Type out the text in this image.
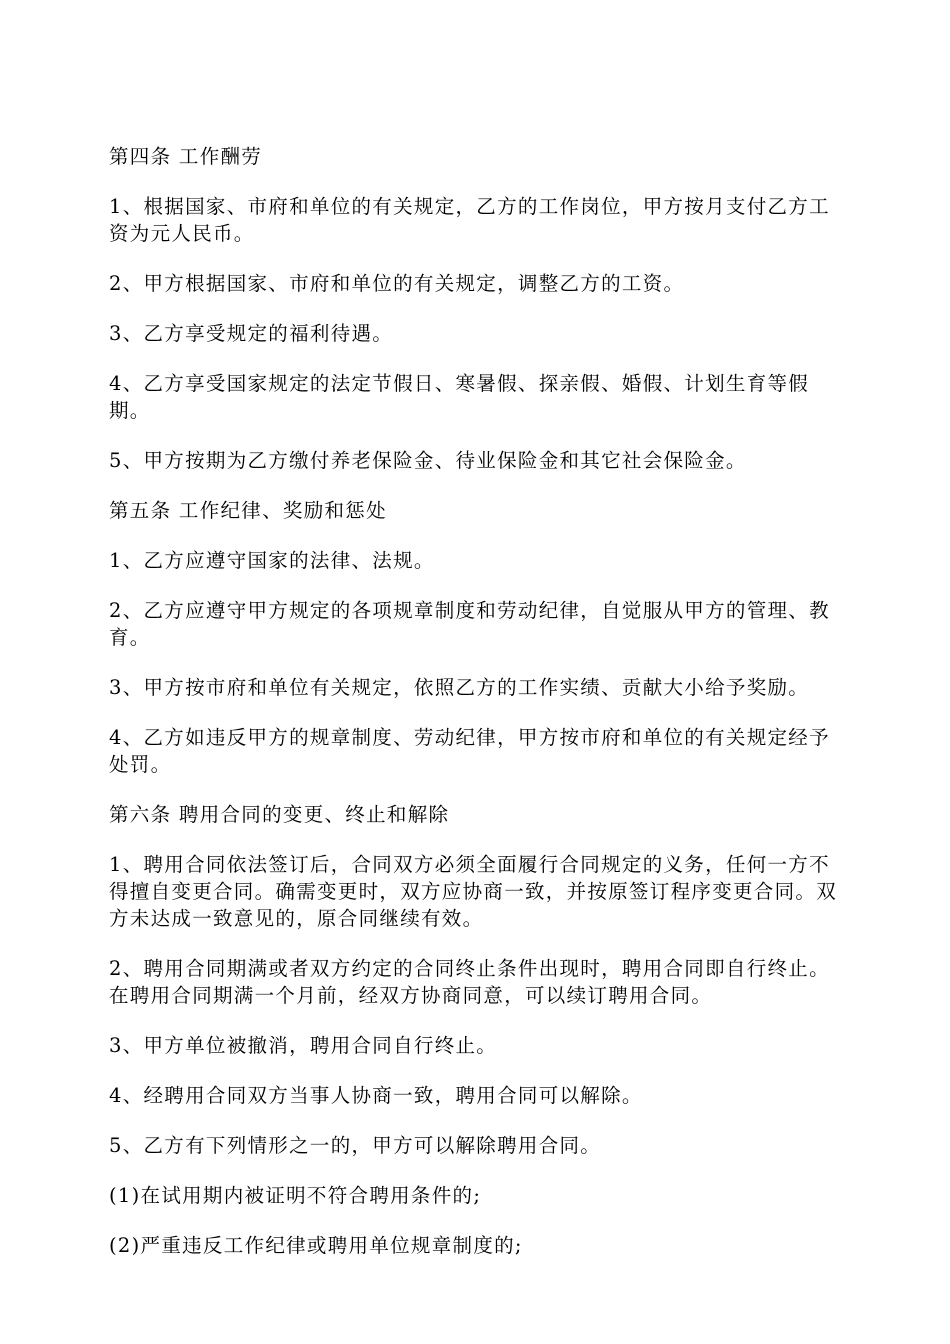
第四条 工作酬劳

1、根据国家、市府和单位的有关规定，乙方的工作岗位，甲方按月支付乙方工资为元人民币。

2、甲方根据国家、市府和单位的有关规定，调整乙方的工资。

3、乙方享受规定的福利待遇。

4、乙方享受国家规定的法定节假日、寒暑假、探亲假、婚假、计划生育等假期。

5、甲方按期为乙方缴付养老保险金、待业保险金和其它社会保险金。

第五条 工作纪律、奖励和惩处

1、乙方应遵守国家的法律、法规。

2、乙方应遵守甲方规定的各项规章制度和劳动纪律，自觉服从甲方的管理、教育。

3、甲方按市府和单位有关规定，依照乙方的工作实绩、贡献大小给予奖励。

4、乙方如违反甲方的规章制度、劳动纪律，甲方按市府和单位的有关规定经予处罚。

第六条 聘用合同的变更、终止和解除

1、聘用合同依法签订后，合同双方必须全面履行合同规定的义务，任何一方不得擅自变更合同。确需变更时，双方应协商一致，并按原签订程序变更合同。双方未达成一致意见的，原合同继续有效。

2、聘用合同期满或者双方约定的合同终止条件出现时，聘用合同即自行终止。在聘用合同期满一个月前，经双方协商同意，可以续订聘用合同。

3、甲方单位被撤消，聘用合同自行终止。

4、经聘用合同双方当事人协商一致，聘用合同可以解除。

5、乙方有下列情形之一的，甲方可以解除聘用合同。

(1)在试用期内被证明不符合聘用条件的;

(2)严重违反工作纪律或聘用单位规章制度的;
